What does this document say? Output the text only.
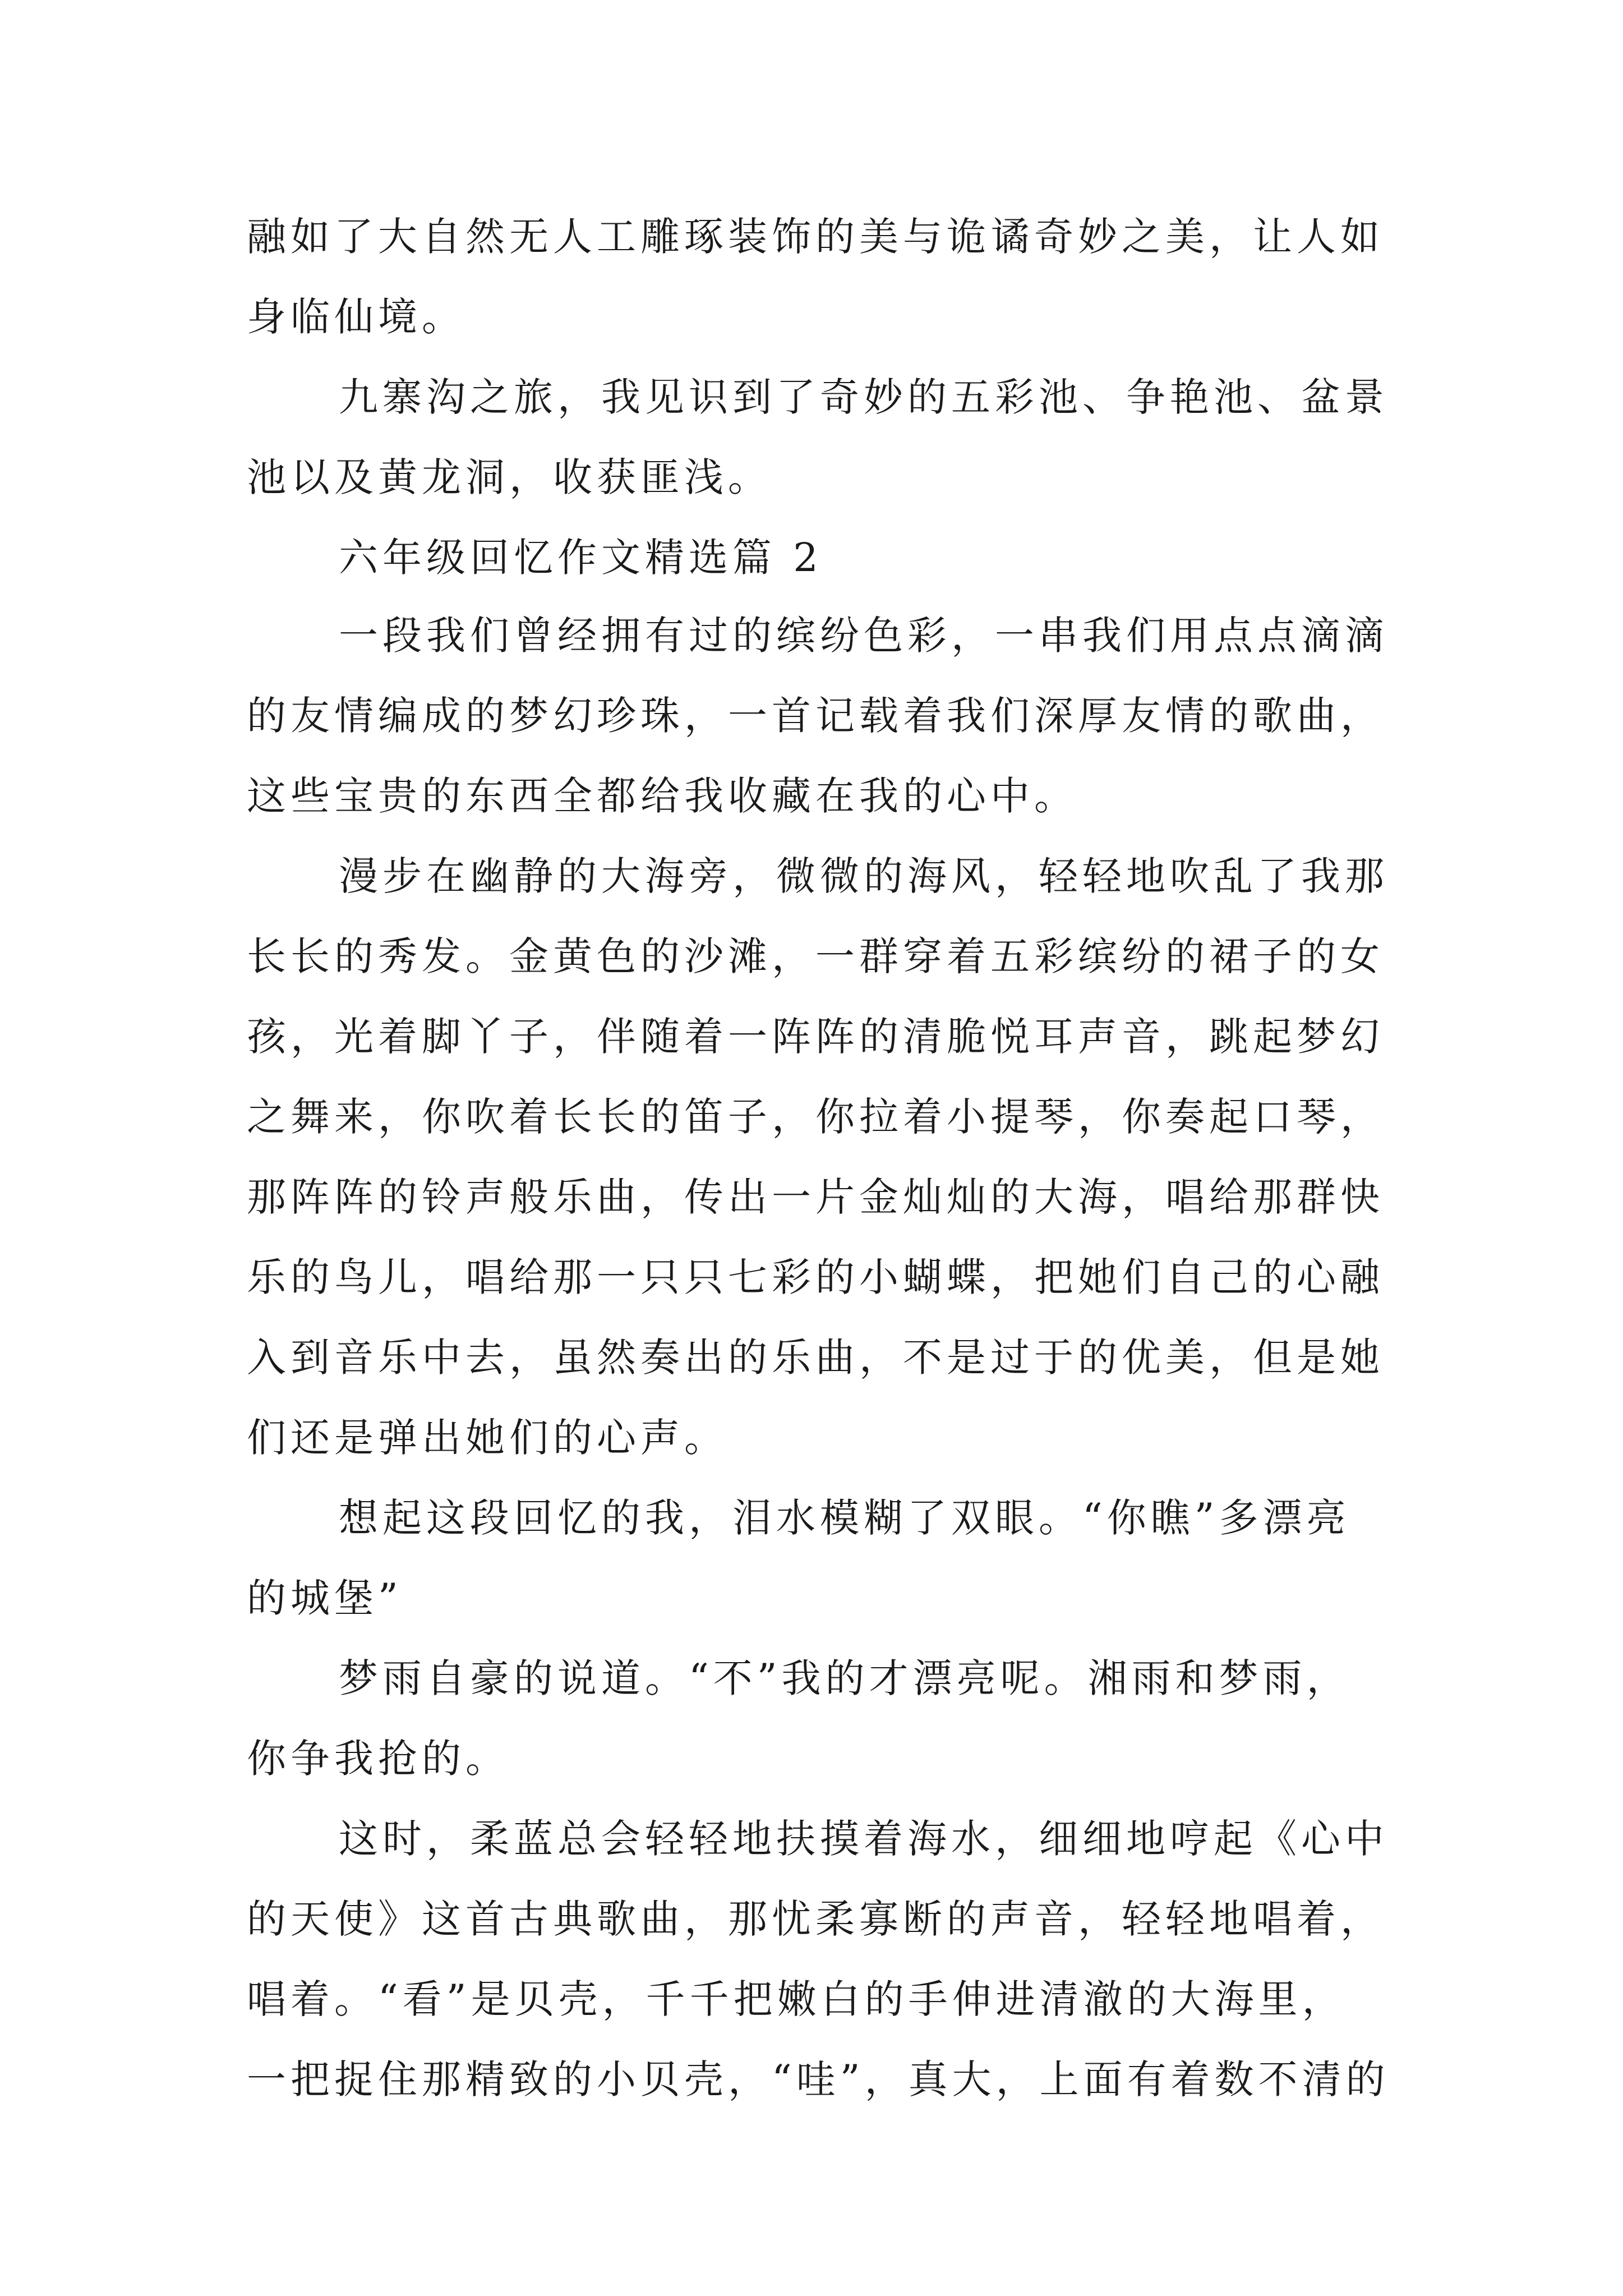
融如了大自然无人工雕琢装饰的美与诡谲奇妙之美，让人如
身临仙境。
九寨沟之旅，我见识到了奇妙的五彩池、争艳池、盆景
池以及黄龙洞，收获匪浅。
六年级回忆作文精选篇 2
一段我们曾经拥有过的缤纷色彩，一串我们用点点滴滴
的友情编成的梦幻珍珠，一首记载着我们深厚友情的歌曲，
这些宝贵的东西全都给我收藏在我的心中。
漫步在幽静的大海旁，微微的海风，轻轻地吹乱了我那
长长的秀发。金黄色的沙滩，一群穿着五彩缤纷的裙子的女
孩，光着脚丫子，伴随着一阵阵的清脆悦耳声音，跳起梦幻
之舞来，你吹着长长的笛子，你拉着小提琴，你奏起口琴，
那阵阵的铃声般乐曲，传出一片金灿灿的大海，唱给那群快
乐的鸟儿，唱给那一只只七彩的小蝴蝶，把她们自己的心融
入到音乐中去，虽然奏出的乐曲，不是过于的优美，但是她
们还是弹出她们的心声。
想起这段回忆的我，泪水模糊了双眼。“你瞧”多漂亮
的城堡”
梦雨自豪的说道。“不”我的才漂亮呢。湘雨和梦雨，
你争我抢的。
这时，柔蓝总会轻轻地扶摸着海水，细细地哼起《心中
的天使》这首古典歌曲，那忧柔寡断的声音，轻轻地唱着，
唱着。“看”是贝壳，千千把嫩白的手伸进清澈的大海里，
一把捉住那精致的小贝壳，“哇”，真大，上面有着数不清的
